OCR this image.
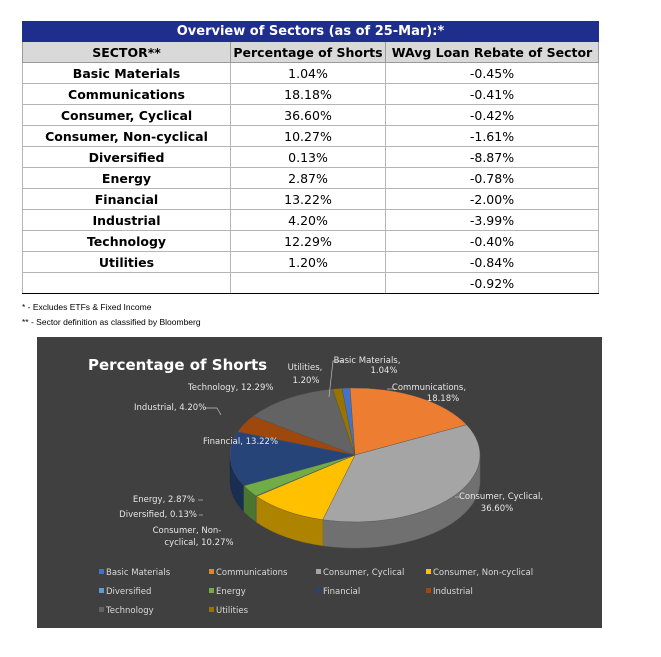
Overview of Sectors (as of 25-Mar):*		
SECTOR**	Percentage of Shorts	WAvg Loan Rebate of Sector
Basic Materials	1.04%	-0.45%
Communications	18.18%	-0.41%
Consumer, Cyclical	36.60%	-0.42%
Consumer, Non-cyclical	10.27%	-1.61%
Diversified	0.13%	-8.87%
Energy	2.87%	-0.78%
Financial	13.22%	-2.00%
Industrial	4.20%	-3.99%
Technology	12.29%	-0.40%
Utilities	1.20%	-0.84%
		-0.92%
* - Excludes ETFs & Fixed Income
** - Sector definition as classified by Bloomberg
Percentage of Shorts	Basic Materials, 1.04%
Communications, 18.18%
Consumer, Cyclical, 36.60%
Consumer, Non-cyclical, 10.27%
Diversified, 0.13%
Energy, 2.87%
Financial, 13.22%
Industrial, 4.20%
Technology, 12.29%
Utilities, 1.20%
Basic Materials	Communications	Consumer, Cyclical	Consumer, Non-cyclical
Diversified	Energy	Financial	Industrial
Technology	Utilities
